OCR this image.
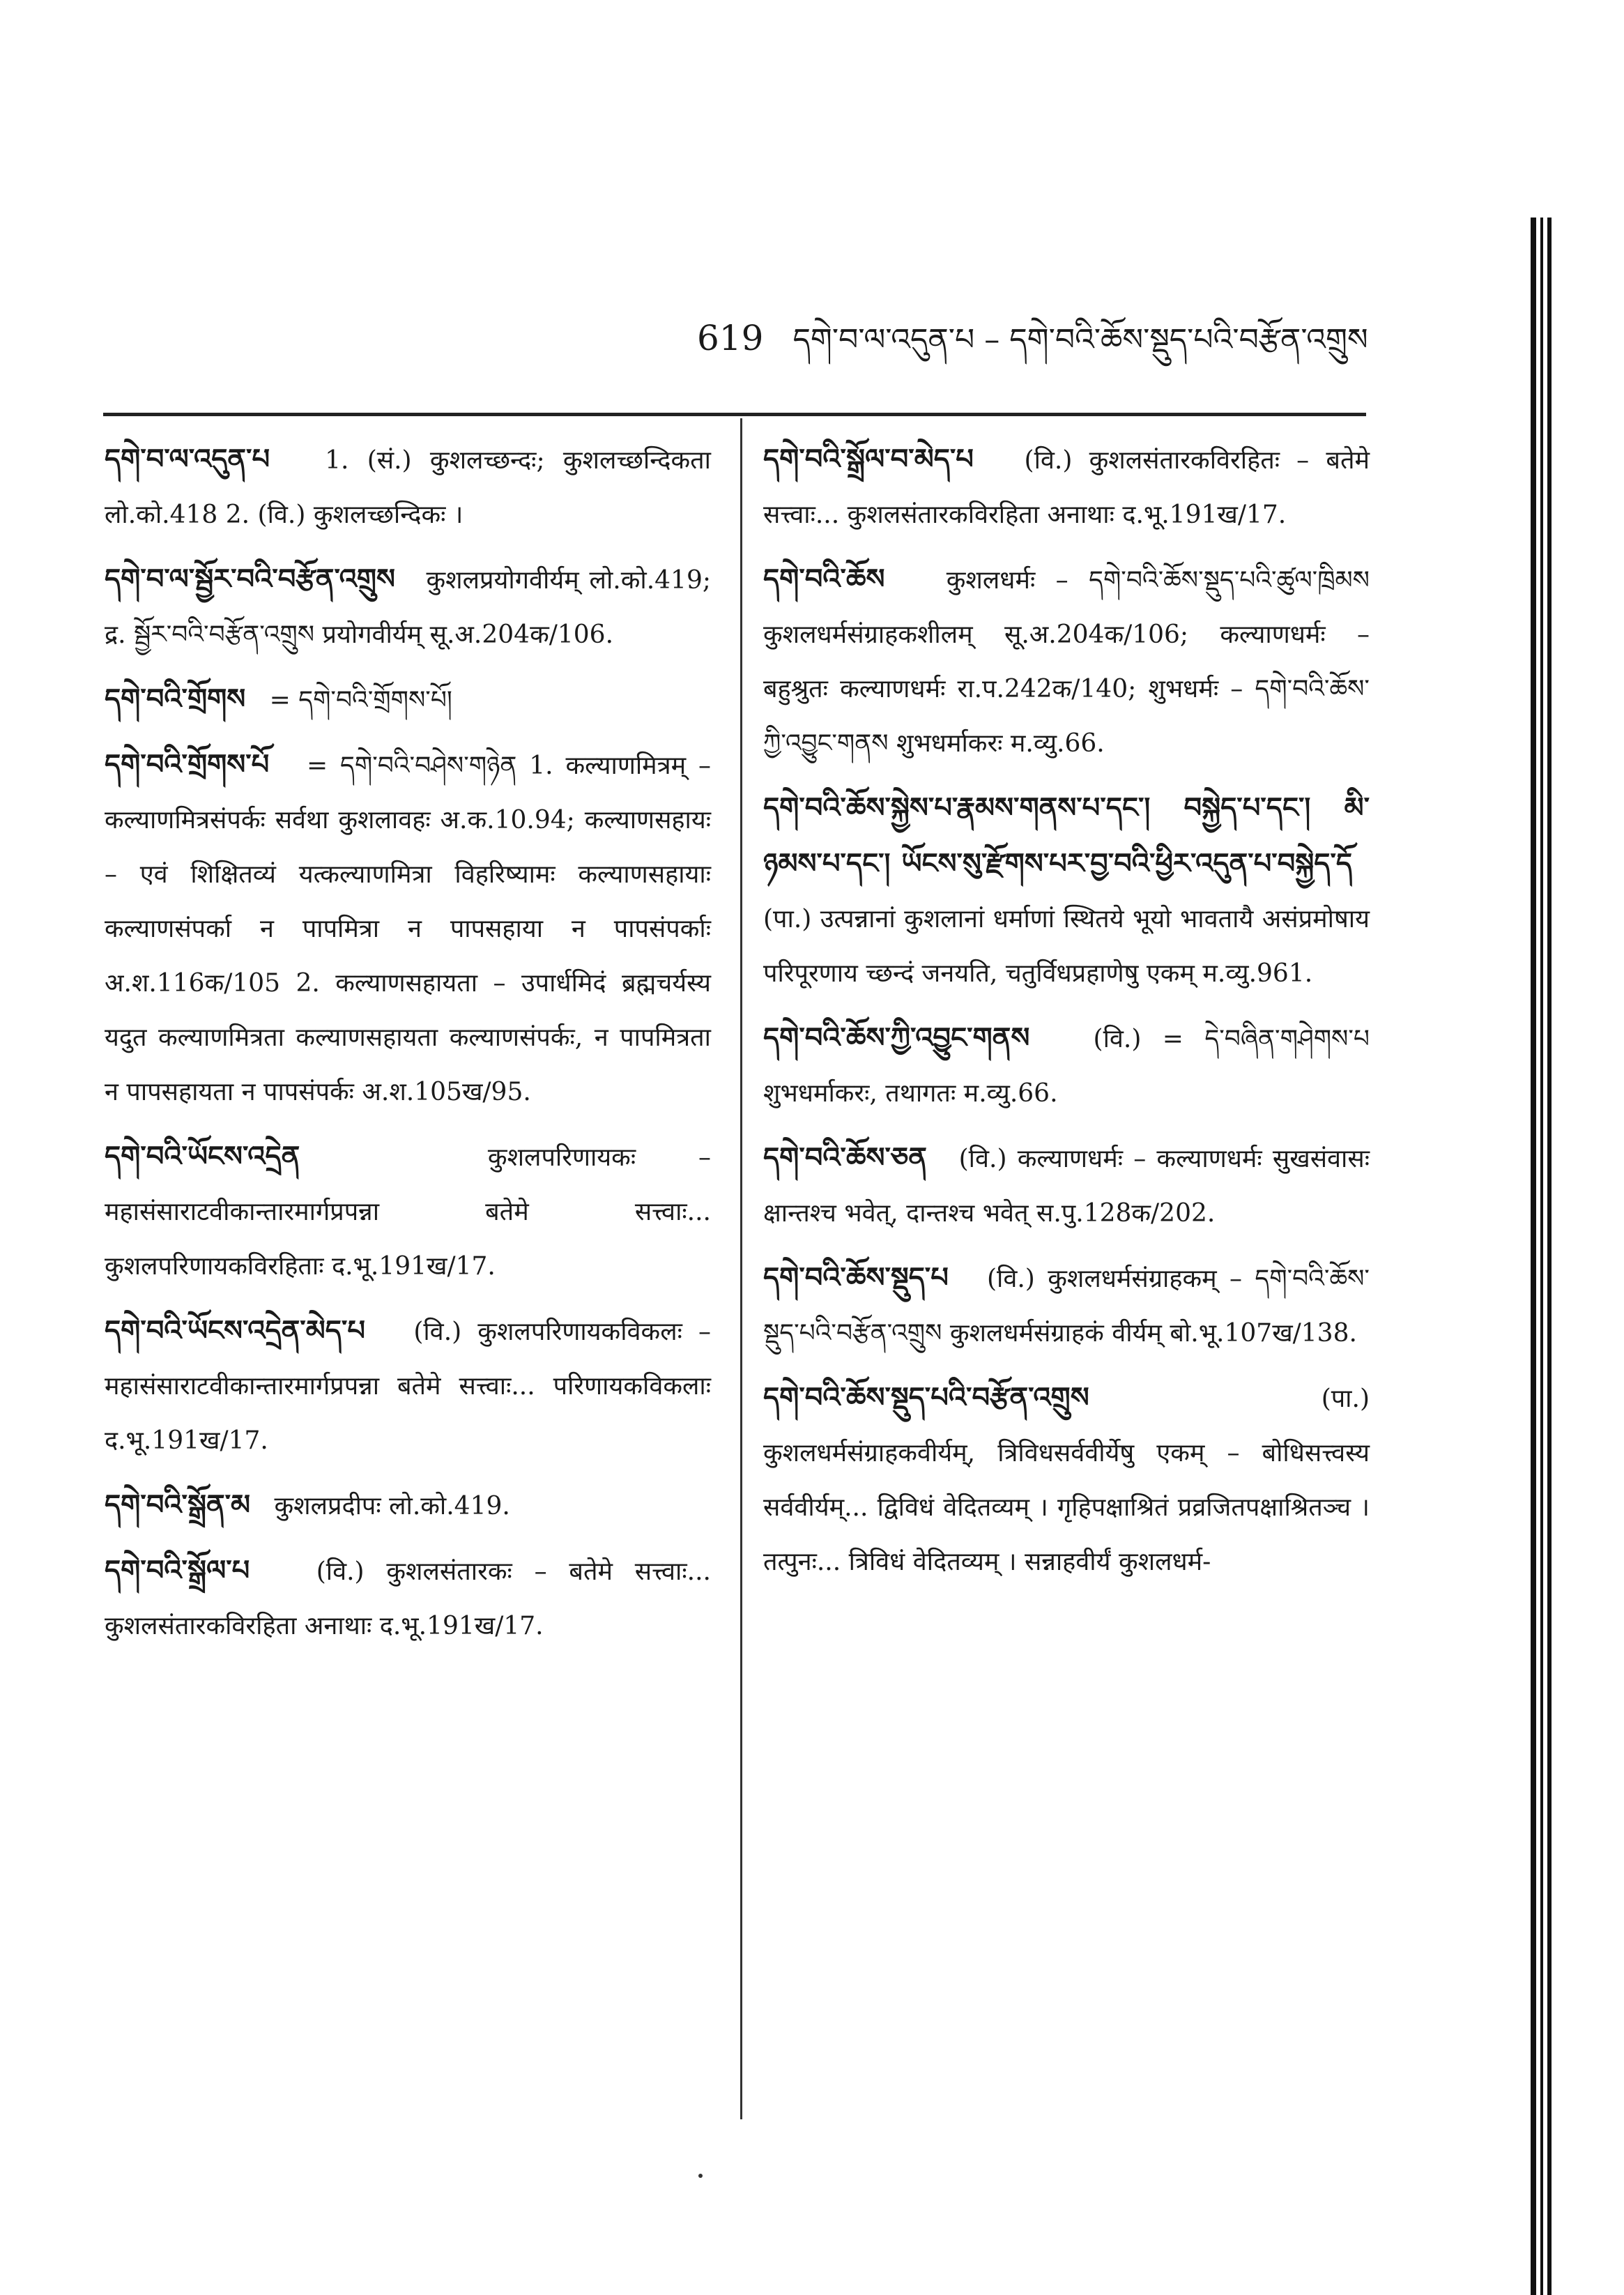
619 དགེ་བ་ལ་འདུན་པ – དགེ་བའི་ཆོས་སྡུད་པའི་བརྩོན་འགྲུས
དགེ་བ་ལ་འདུན་པ 1. (सं.) कुशलच्छन्दः; कुशलच्छन्दिकता लो.को.418 2. (वि.) कुशलच्छन्दिकः ।
དགེ་བ་ལ་སྦྱོར་བའི་བརྩོན་འགྲུས कुशलप्रयोगवीर्यम् लो.को.419; द्र. སྦྱོར་བའི་བརྩོན་འགྲུས प्रयोगवीर्यम् सू.अ.204क/106.
དགེ་བའི་གྲོགས = དགེ་བའི་གྲོགས་པོ།
དགེ་བའི་གྲོགས་པོ = དགེ་བའི་བཤེས་གཉེན 1. कल्याणमित्रम् – कल्याणमित्रसंपर्कः सर्वथा कुशलावहः अ.क.10.94; कल्याणसहायः – एवं शिक्षितव्यं यत्कल्याणमित्रा विहरिष्यामः कल्याणसहायाः कल्याणसंपर्का न पापमित्रा न पापसहाया न पापसंपर्काः अ.श.116क/105 2. कल्याणसहायता – उपार्धमिदं ब्रह्मचर्यस्य यदुत कल्याणमित्रता कल्याणसहायता कल्याणसंपर्कः, न पापमित्रता न पापसहायता न पापसंपर्कः अ.श.105ख/95.
དགེ་བའི་ཡོངས་འདྲེན	कुशलपरिणायकः – महासंसाराटवीकान्तारमार्गप्रपन्ना बतेमे सत्त्वाः... कुशलपरिणायकविरहिताः द.भू.191ख/17.
དགེ་བའི་ཡོངས་འདྲེན་མེད་པ (वि.) कुशलपरिणायकविकलः – महासंसाराटवीकान्तारमार्गप्रपन्ना बतेमे सत्त्वाः... परिणायकविकलाः द.भू.191ख/17.
དགེ་བའི་སྒྲོན་མ कुशलप्रदीपः लो.को.419.
དགེ་བའི་སྒྲོལ་པ	(वि.) कुशलसंतारकः – बतेमे सत्त्वाः... कुशलसंतारकविरहिता अनाथाः द.भू.191ख/17.
དགེ་བའི་སྒྲོལ་བ་མེད་པ (वि.) कुशलसंतारकविरहितः – बतेमे सत्त्वाः... कुशलसंतारकविरहिता अनाथाः द.भू.191ख/17.
དགེ་བའི་ཆོས कुशलधर्मः – དགེ་བའི་ཆོས་སྡུད་པའི་ཚུལ་ཁྲིམས कुशलधर्मसंग्राहकशीलम् सू.अ.204क/106; कल्याणधर्मः – बहुश्रुतः कल्याणधर्मः रा.प.242क/140; शुभधर्मः – དགེ་བའི་ཆོས་ཀྱི་འབྱུང་གནས शुभधर्माकरः म.व्यु.66.
དགེ་བའི་ཆོས་སྐྱེས་པ་རྣམས་གནས་པ་དང་། བསྐྱེད་པ་དང་། མི་ཉམས་པ་དང་། ཡོངས་སུ་རྫོགས་པར་བྱ་བའི་ཕྱིར་འདུན་པ་བསྐྱེད་དོ   (पा.) उत्पन्नानां कुशलानां धर्माणां स्थितये भूयो भावतायै असंप्रमोषाय परिपूरणाय च्छन्दं जनयति, चतुर्विधप्रहाणेषु एकम् म.व्यु.961.
དགེ་བའི་ཆོས་ཀྱི་འབྱུང་གནས	(वि.) = དེ་བཞིན་གཤེགས་པ शुभधर्माकरः, तथागतः म.व्यु.66.
དགེ་བའི་ཆོས་ཅན (वि.) कल्याणधर्मः – कल्याणधर्मः सुखसंवासः क्षान्तश्च भवेत्, दान्तश्च भवेत् स.पु.128क/202.
དགེ་བའི་ཆོས་སྡུད་པ (वि.) कुशलधर्मसंग्राहकम् – དགེ་བའི་ཆོས་སྡུད་པའི་བརྩོན་འགྲུས कुशलधर्मसंग्राहकं वीर्यम् बो.भू.107ख/138.
དགེ་བའི་ཆོས་སྡུད་པའི་བརྩོན་འགྲུས	(पा.) कुशलधर्मसंग्राहकवीर्यम्, त्रिविधसर्ववीर्येषु एकम् – बोधिसत्त्वस्य सर्ववीर्यम्... द्विविधं वेदितव्यम् । गृहिपक्षाश्रितं प्रव्रजितपक्षाश्रितञ्च । तत्पुनः... त्रिविधं वेदितव्यम् । सन्नाहवीर्यं कुशलधर्म-
